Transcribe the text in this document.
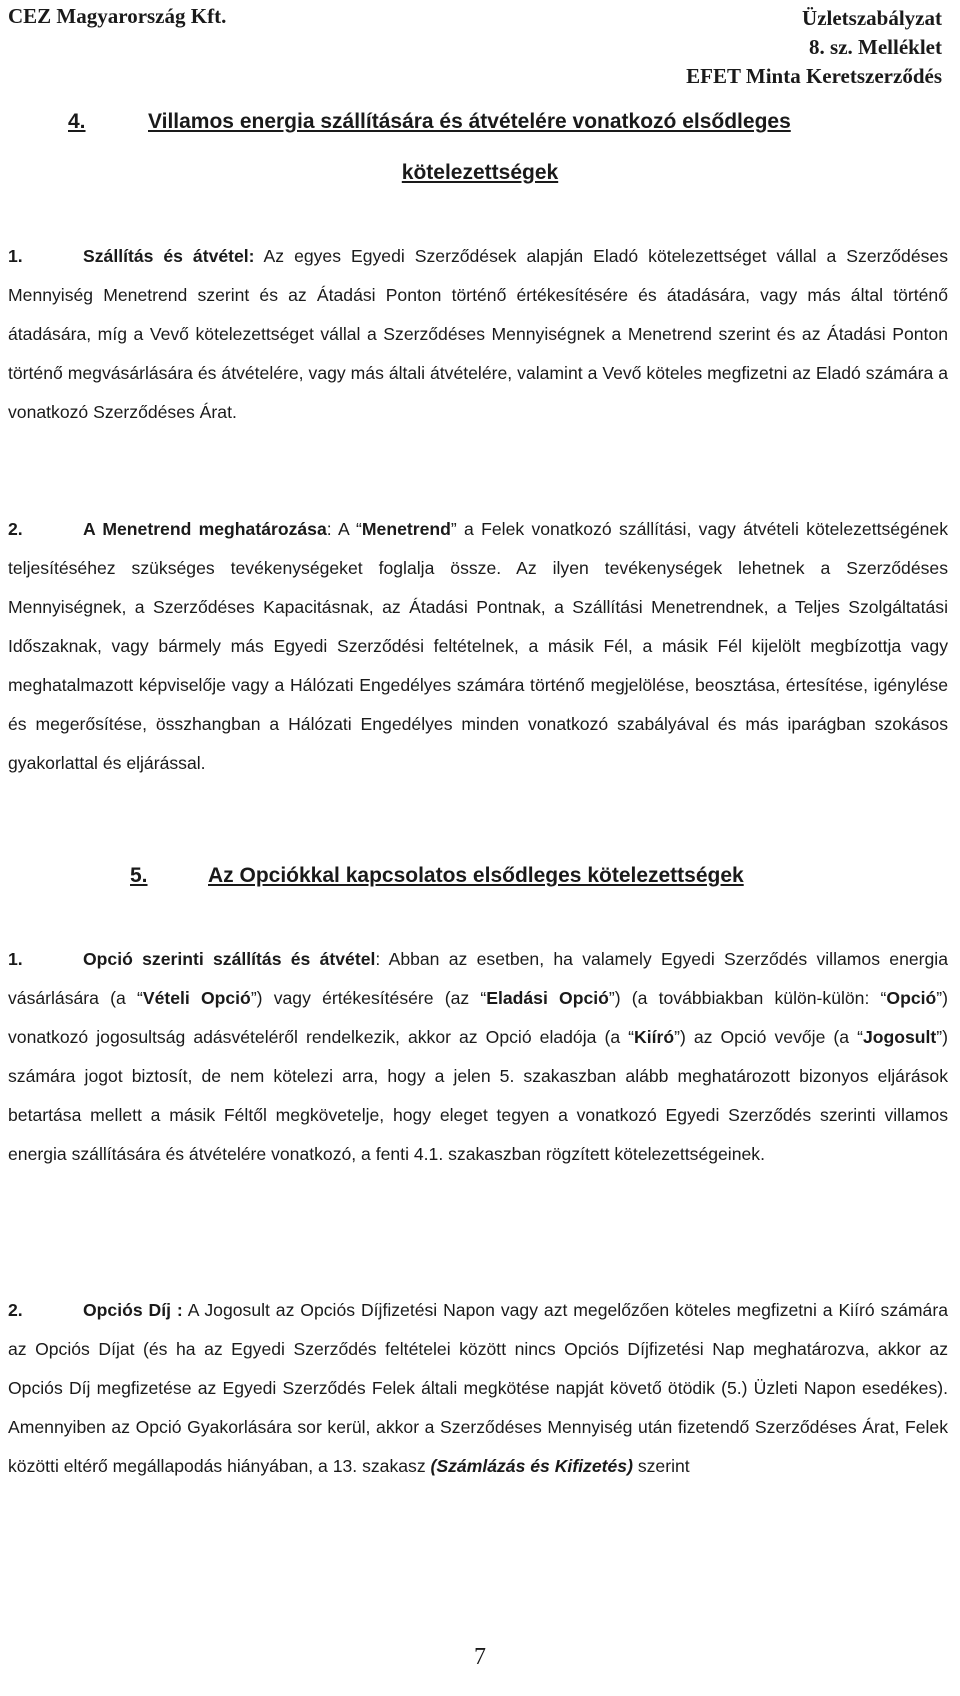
CEZ Magyarország Kft.	Üzletszabályzat
8. sz. Melléklet
EFET Minta Keretszerződés
4.	Villamos energia szállítására és átvételére vonatkozó elsődleges
kötelezettségek
1.	Szállítás és átvétel: Az egyes Egyedi Szerződések alapján Eladó kötelezettséget vállal a Szerződéses Mennyiség Menetrend szerint és az Átadási Ponton történő értékesítésére és átadására, vagy más által történő átadására, míg a Vevő kötelezettséget vállal a Szerződéses Mennyiségnek a Menetrend szerint és az Átadási Ponton történő megvásárlására és átvételére, vagy más általi átvételére, valamint a Vevő köteles megfizetni az Eladó számára a vonatkozó Szerződéses Árat.
2.	A Menetrend meghatározása: A “Menetrend” a Felek vonatkozó szállítási, vagy átvételi kötelezettségének teljesítéséhez szükséges tevékenységeket foglalja össze. Az ilyen tevékenységek lehetnek a Szerződéses Mennyiségnek, a Szerződéses Kapacitásnak, az Átadási Pontnak, a Szállítási Menetrendnek, a Teljes Szolgáltatási Időszaknak, vagy bármely más Egyedi Szerződési feltételnek, a másik Fél, a másik Fél kijelölt megbízottja vagy meghatalmazott képviselője vagy a Hálózati Engedélyes számára történő megjelölése, beosztása, értesítése, igénylése és megerősítése, összhangban a Hálózati Engedélyes minden vonatkozó szabályával és más iparágban szokásos gyakorlattal és eljárással.
5.	Az Opciókkal kapcsolatos elsődleges kötelezettségek
1.	Opció szerinti szállítás és átvétel: Abban az esetben, ha valamely Egyedi Szerződés villamos energia vásárlására (a “Vételi Opció”) vagy értékesítésére (az “Eladási Opció”) (a továbbiakban külön-külön: “Opció”) vonatkozó jogosultság adásvételéről rendelkezik, akkor az Opció eladója (a “Kiíró”) az Opció vevője (a “Jogosult”) számára jogot biztosít, de nem kötelezi arra, hogy a jelen 5. szakaszban alább meghatározott bizonyos eljárások betartása mellett a másik Féltől megkövetelje, hogy eleget tegyen a vonatkozó Egyedi Szerződés szerinti villamos energia szállítására és átvételére vonatkozó, a fenti 4.1. szakaszban rögzített kötelezettségeinek.
2.	Opciós Díj : A Jogosult az Opciós Díjfizetési Napon vagy azt megelőzően köteles megfizetni a Kiíró számára az Opciós Díjat (és ha az Egyedi Szerződés feltételei között nincs Opciós Díjfizetési Nap meghatározva, akkor az Opciós Díj megfizetése az Egyedi Szerződés Felek általi megkötése napját követő ötödik (5.) Üzleti Napon esedékes). Amennyiben az Opció Gyakorlására sor kerül, akkor a Szerződéses Mennyiség után fizetendő Szerződéses Árat, Felek közötti eltérő megállapodás hiányában, a 13. szakasz (Számlázás és Kifizetés) szerint
7
